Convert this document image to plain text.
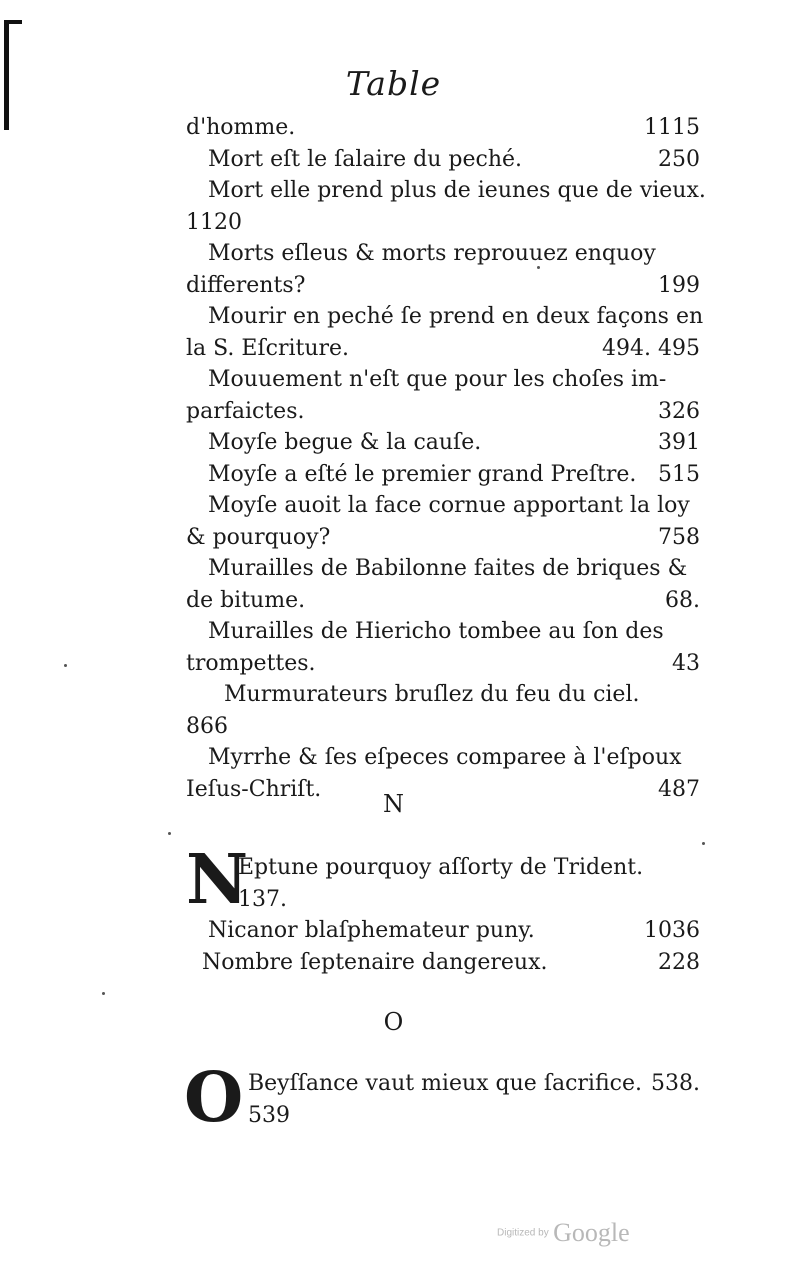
Table
d'homme.	1115
Mort eſt le ſalaire du peché.	250
Mort elle prend plus de ieunes que de vieux.
1120
Morts eſleus & morts reprouuez enquoy
differents?	199
Mourir en peché ſe prend en deux façons en
la S. Eſcriture.	494. 495
Mouuement n'eſt que pour les choſes im-
parfaictes.	326
Moyſe begue & la cauſe.	391
Moyſe a eſté le premier grand Preſtre. 515
Moyſe auoit la face cornue apportant la loy
& pourquoy?	758
Murailles de Babilonne faites de briques &
de bitume.	68.
Murailles de Hiericho tombee au ſon des
trompettes.	43
Murmurateurs bruſlez du feu du ciel.
866
Myrrhe & ſes eſpeces comparee à l'eſpoux
Ieſus-Chriſt.	487
N
N
Eptune pourquoy aſſorty de Trident.
137.
Nicanor blaſphemateur puny.	1036
Nombre ſeptenaire dangereux.	228
O
O Beyſſance vaut mieux que ſacrifice. 538.
539
Digitized by Google
